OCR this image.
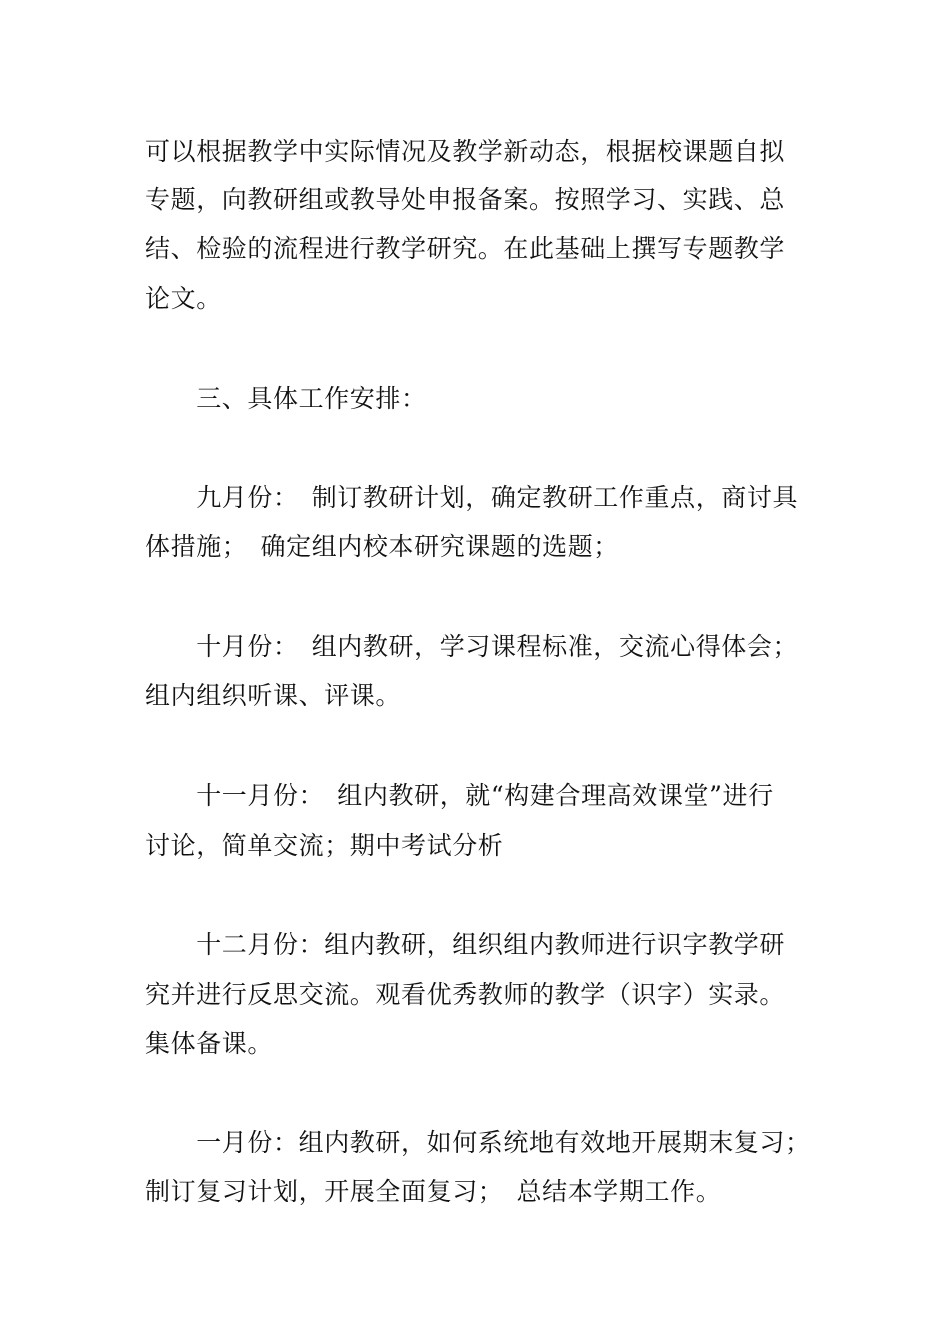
可以根据教学中实际情况及教学新动态，根据校课题自拟
专题，向教研组或教导处申报备案。按照学习、实践、总
结、检验的流程进行教学研究。在此基础上撰写专题教学
论文。
　　三、具体工作安排：
　　九月份：　制订教研计划，确定教研工作重点，商讨具
体措施；　确定组内校本研究课题的选题；
　　十月份：　组内教研，学习课程标准，交流心得体会；
组内组织听课、评课。
　　十一月份：　组内教研，就“构建合理高效课堂”进行
讨论，简单交流；期中考试分析
　　十二月份：组内教研，组织组内教师进行识字教学研
究并进行反思交流。观看优秀教师的教学（识字）实录。
集体备课。
　　一月份：组内教研，如何系统地有效地开展期末复习；
制订复习计划，开展全面复习；　总结本学期工作。
